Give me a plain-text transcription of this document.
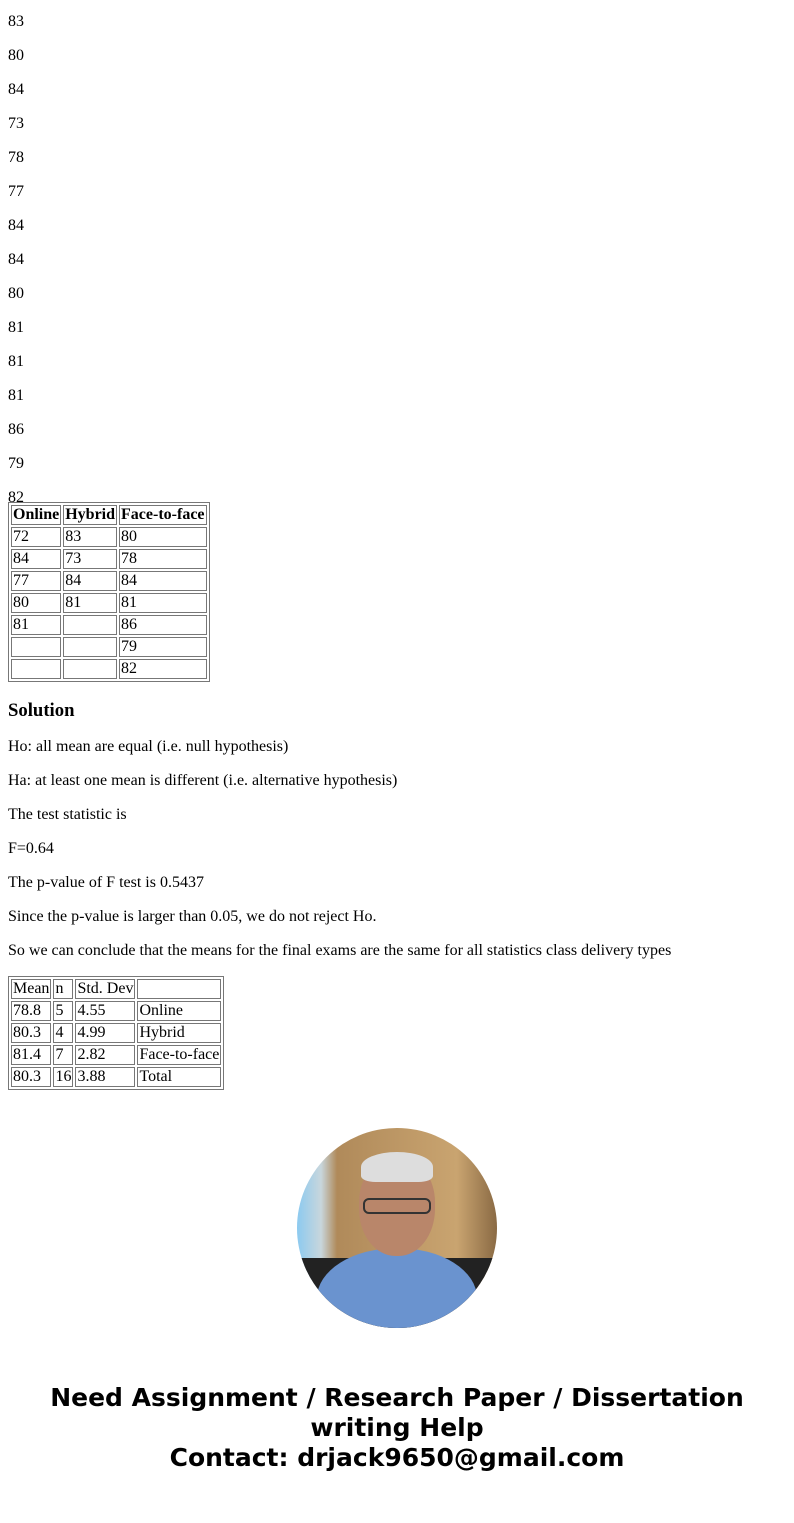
83

80

84

73

78

77

84

84

80

81

81

81

86

79

82

Online	Hybrid	Face-to-face
72	83	80
84	73	78
77	84	84
80	81	81
81		86
		79
		82
Solution

Ho: all mean are equal (i.e. null hypothesis)

Ha: at least one mean is different (i.e. alternative hypothesis)

The test statistic is

F=0.64

The p-value of F test is 0.5437

Since the p-value is larger than 0.05, we do not reject Ho.

So we can conclude that the means for the final exams are the same for all statistics class delivery types

Mean	n	Std. Dev	
78.8	5	4.55	Online
80.3	4	4.99	Hybrid
81.4	7	2.82	Face-to-face
80.3	16	3.88	Total
Need Assignment / Research Paper / Dissertation writing Help
Contact: drjack9650@gmail.com
